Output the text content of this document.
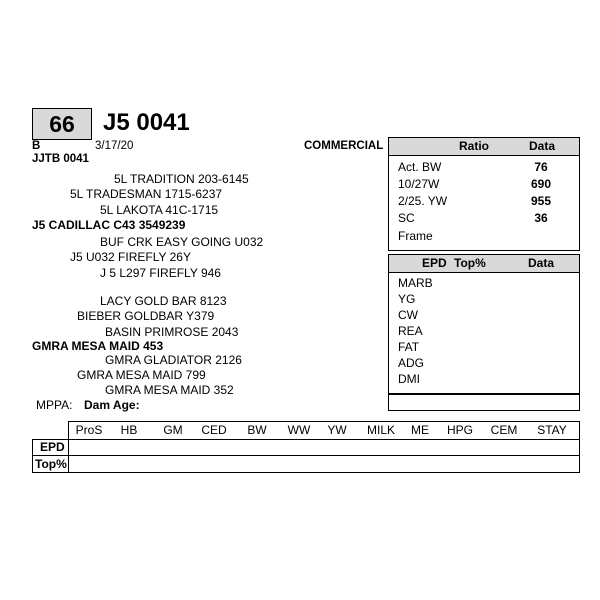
66	J5 0041
B	3/17/20	COMMERCIAL
JJTB 0041
5L TRADITION 203-6145
5L TRADESMAN 1715-6237
5L LAKOTA 41C-1715
J5 CADILLAC C43 3549239
BUF CRK EASY GOING U032
J5 U032 FIREFLY 26Y
J 5 L297 FIREFLY 946
LACY GOLD BAR 8123
BIEBER GOLDBAR Y379
BASIN PRIMROSE 2043
GMRA MESA MAID 453
GMRA GLADIATOR 2126
GMRA MESA MAID 799
GMRA MESA MAID 352
MPPA: Dam Age:
Ratio	Data
Act. BW	76
10/27W	690
2/25. YW	955
SC	36
Frame
EPD Top%	Data
MARB
YG
CW
REA
FAT
ADG
DMI
ProS	HB	GM	CED	BW	WW	YW	MILK	ME	HPG	CEM	STAY
EPD
Top%
